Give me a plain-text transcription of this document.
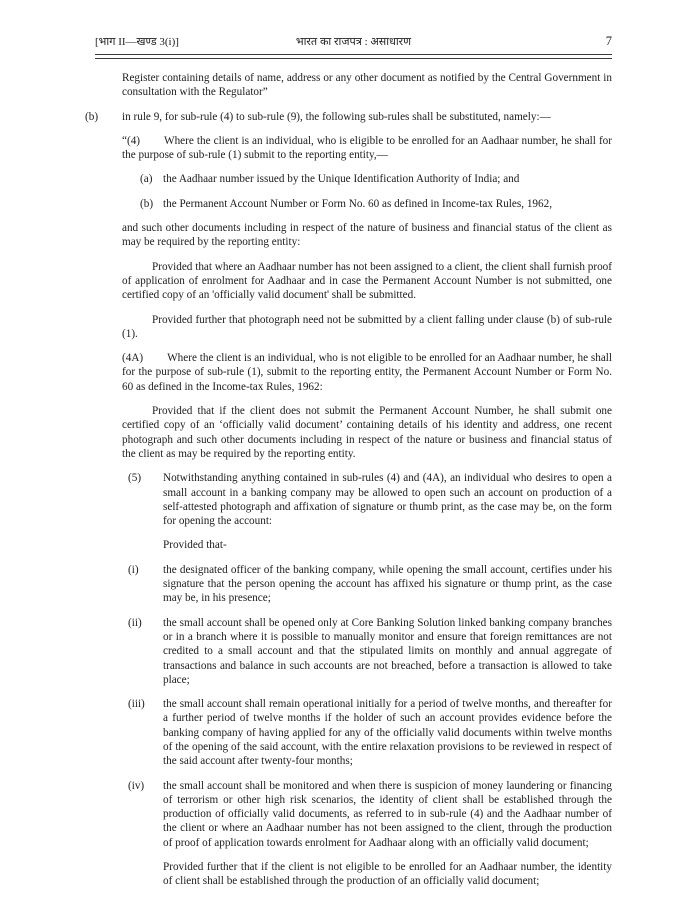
[भाग II—खण्ड 3(i)]	भारत का राजपत्र : असाधारण	7
Register containing details of name, address or any other document as notified by the Central Government in consultation with the Regulator”
(b) in rule 9, for sub-rule (4) to sub-rule (9), the following sub-rules shall be substituted, namely:—
“(4) Where the client is an individual, who is eligible to be enrolled for an Aadhaar number, he shall for the purpose of sub-rule (1) submit to the reporting entity,—
(a) the Aadhaar number issued by the Unique Identification Authority of India; and
(b) the Permanent Account Number or Form No. 60 as defined in Income-tax Rules, 1962,
and such other documents including in respect of the nature of business and financial status of the client as may be required by the reporting entity:
Provided that where an Aadhaar number has not been assigned to a client, the client shall furnish proof of application of enrolment for Aadhaar and in case the Permanent Account Number is not submitted, one certified copy of an 'officially valid document' shall be submitted.
Provided further that photograph need not be submitted by a client falling under clause (b) of sub-rule (1).
(4A) Where the client is an individual, who is not eligible to be enrolled for an Aadhaar number, he shall for the purpose of sub-rule (1), submit to the reporting entity, the Permanent Account Number or Form No. 60 as defined in the Income-tax Rules, 1962:
Provided that if the client does not submit the Permanent Account Number, he shall submit one certified copy of an ‘officially valid document’ containing details of his identity and address, one recent photograph and such other documents including in respect of the nature or business and financial status of the client as may be required by the reporting entity.
(5) Notwithstanding anything contained in sub-rules (4) and (4A), an individual who desires to open a small account in a banking company may be allowed to open such an account on production of a self-attested photograph and affixation of signature or thumb print, as the case may be, on the form for opening the account:
Provided that-
(i) the designated officer of the banking company, while opening the small account, certifies under his signature that the person opening the account has affixed his signature or thump print, as the case may be, in his presence;
(ii) the small account shall be opened only at Core Banking Solution linked banking company branches or in a branch where it is possible to manually monitor and ensure that foreign remittances are not credited to a small account and that the stipulated limits on monthly and annual aggregate of transactions and balance in such accounts are not breached, before a transaction is allowed to take place;
(iii) the small account shall remain operational initially for a period of twelve months, and thereafter for a further period of twelve months if the holder of such an account provides evidence before the banking company of having applied for any of the officially valid documents within twelve months of the opening of the said account, with the entire relaxation provisions to be reviewed in respect of the said account after twenty-four months;
(iv) the small account shall be monitored and when there is suspicion of money laundering or financing of terrorism or other high risk scenarios, the identity of client shall be established through the production of officially valid documents, as referred to in sub-rule (4) and the Aadhaar number of the client or where an Aadhaar number has not been assigned to the client, through the production of proof of application towards enrolment for Aadhaar along with an officially valid document;
Provided further that if the client is not eligible to be enrolled for an Aadhaar number, the identity of client shall be established through the production of an officially valid document;
